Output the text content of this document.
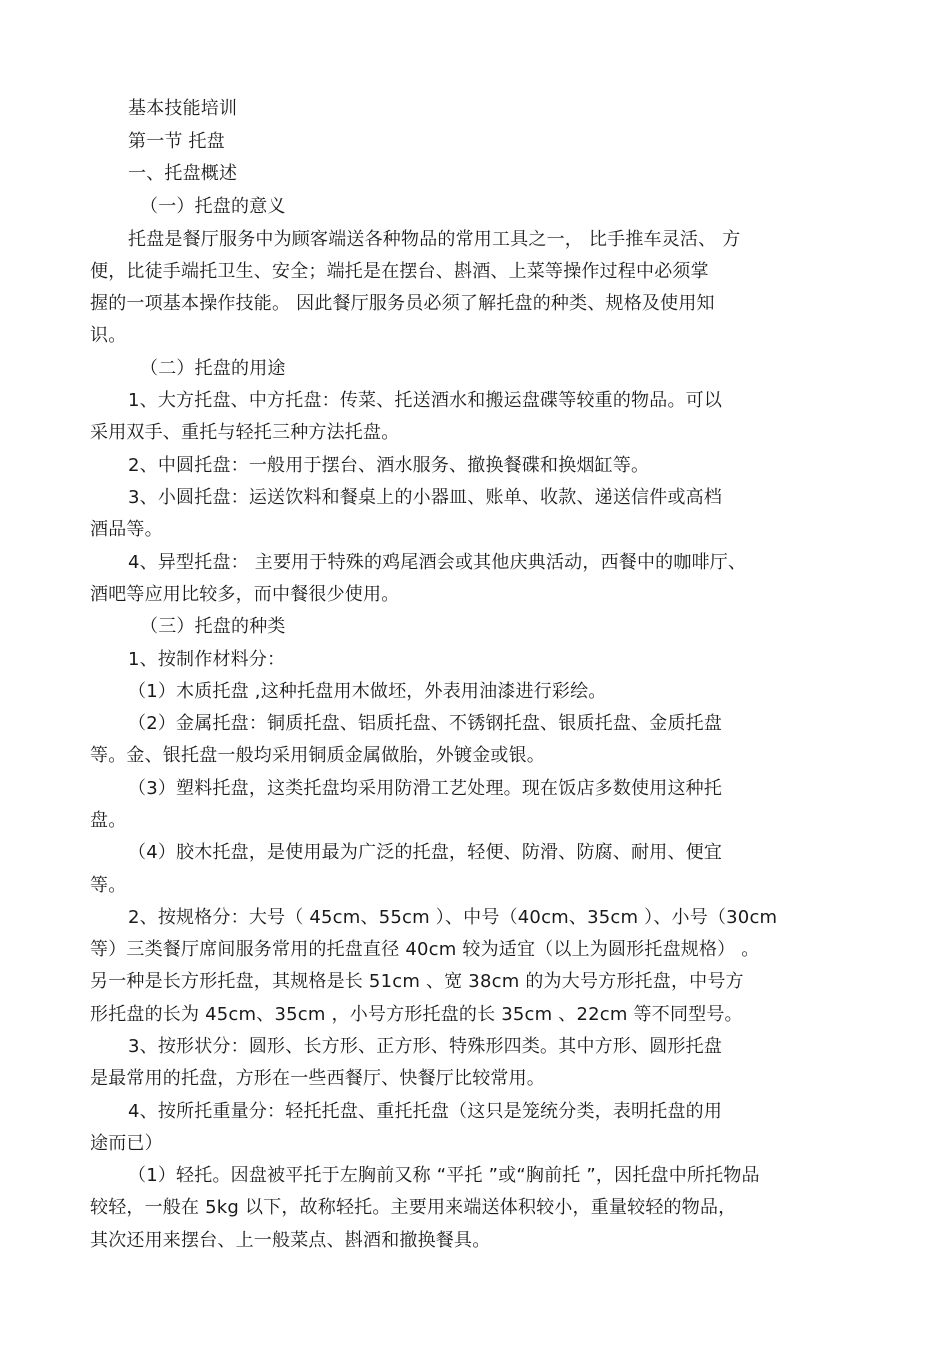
基本技能培训
第一节 托盘
一、托盘概述
（一）托盘的意义
托盘是餐厅服务中为顾客端送各种物品的常用工具之一， 比手推车灵活、 方
便，比徒手端托卫生、安全；端托是在摆台、斟酒、上菜等操作过程中必须掌
握的一项基本操作技能。 因此餐厅服务员必须了解托盘的种类、规格及使用知
识。
（二）托盘的用途
1、大方托盘、中方托盘：传菜、托送酒水和搬运盘碟等较重的物品。可以
采用双手、重托与轻托三种方法托盘。
2、中圆托盘：一般用于摆台、酒水服务、撤换餐碟和换烟缸等。
3、小圆托盘：运送饮料和餐桌上的小器皿、账单、收款、递送信件或高档
酒品等。
4、异型托盘： 主要用于特殊的鸡尾酒会或其他庆典活动，西餐中的咖啡厅、
酒吧等应用比较多，而中餐很少使用。
（三）托盘的种类
1、按制作材料分：
（1）木质托盘 ,这种托盘用木做坯，外表用油漆进行彩绘。
（2）金属托盘：铜质托盘、铝质托盘、不锈钢托盘、银质托盘、金质托盘
等。金、银托盘一般均采用铜质金属做胎，外镀金或银。
（3）塑料托盘，这类托盘均采用防滑工艺处理。现在饭店多数使用这种托
盘。
（4）胶木托盘，是使用最为广泛的托盘，轻便、防滑、防腐、耐用、便宜
等。
2、按规格分：大号（ 45cm、55cm ）、中号（40cm、35cm ）、小号（30cm
等）三类餐厅席间服务常用的托盘直径 40cm 较为适宜（以上为圆形托盘规格） 。
另一种是长方形托盘，其规格是长 51cm 、宽 38cm 的为大号方形托盘，中号方
形托盘的长为 45cm、35cm ，小号方形托盘的长 35cm 、22cm 等不同型号。
3、按形状分：圆形、长方形、正方形、特殊形四类。其中方形、圆形托盘
是最常用的托盘，方形在一些西餐厅、快餐厅比较常用。
4、按所托重量分：轻托托盘、重托托盘（这只是笼统分类，表明托盘的用
途而已）
（1）轻托。因盘被平托于左胸前又称 “平托 ”或“胸前托 ”，因托盘中所托物品
较轻，一般在 5kg 以下，故称轻托。主要用来端送体积较小，重量较轻的物品，
其次还用来摆台、上一般菜点、斟酒和撤换餐具。
